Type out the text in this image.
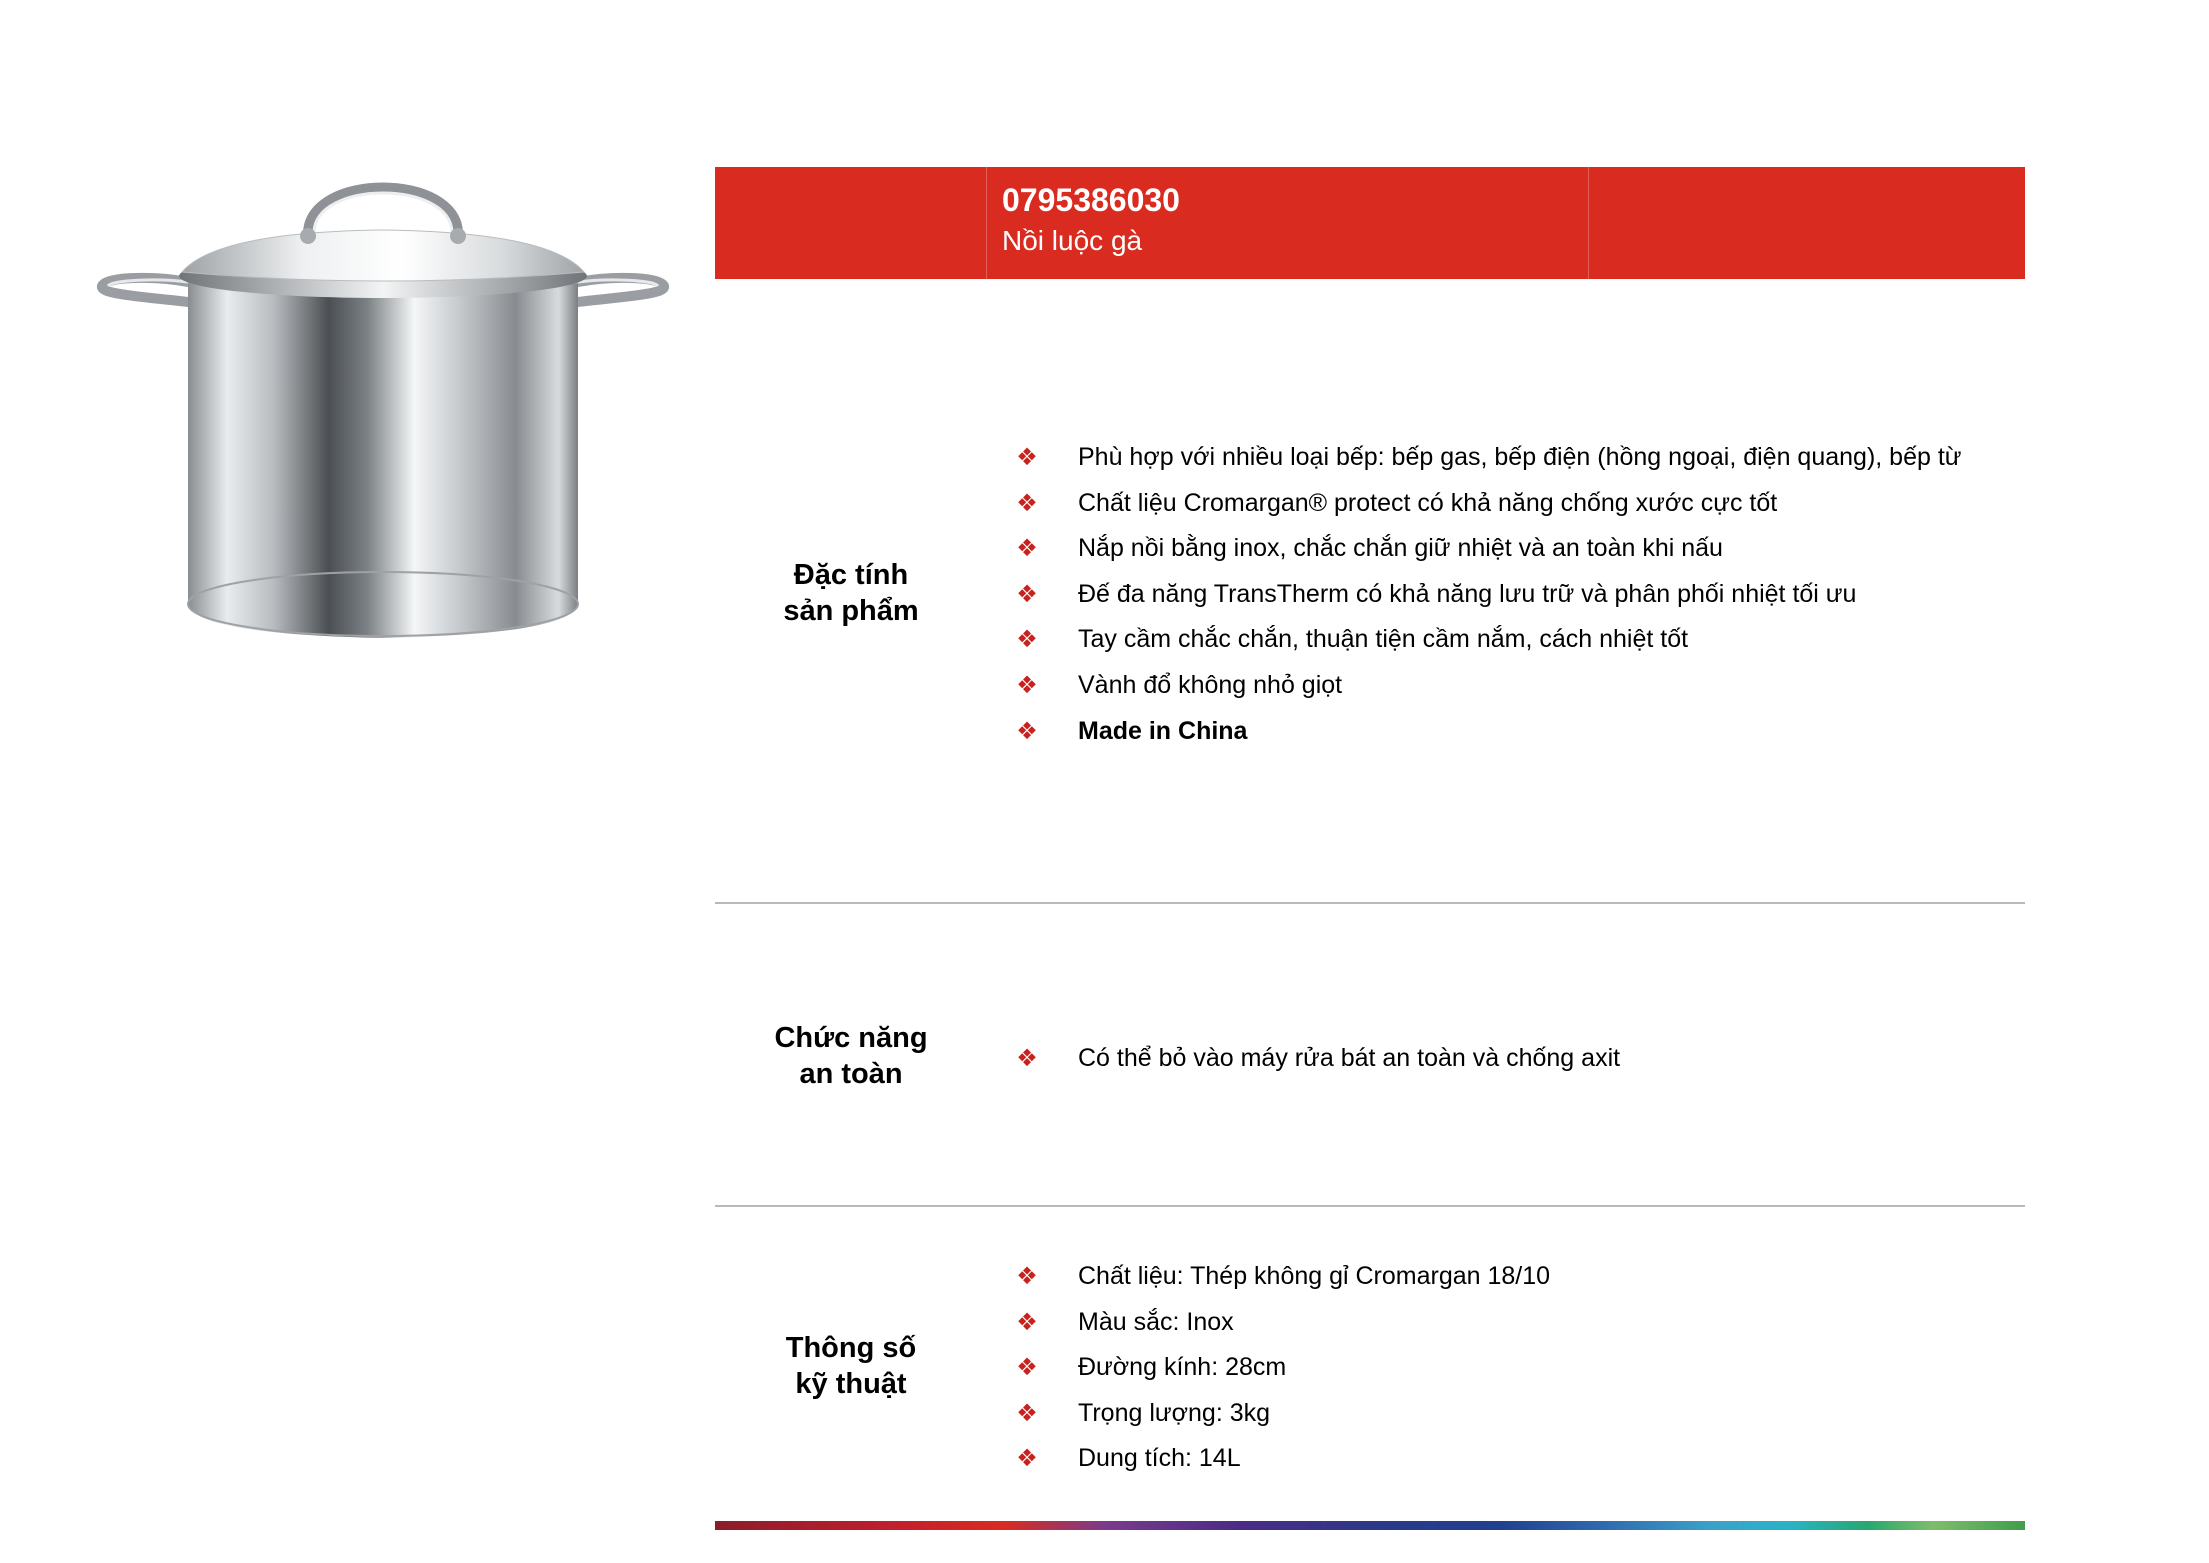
0795386030
Nồi luộc gà
Đặc tính
sản phẩm
❖ Phù hợp với nhiều loại bếp: bếp gas, bếp điện (hồng ngoại, điện quang), bếp từ
❖ Chất liệu Cromargan® protect có khả năng chống xước cực tốt
❖ Nắp nồi bằng inox, chắc chắn giữ nhiệt và an toàn khi nấu
❖ Đế đa năng TransTherm có khả năng lưu trữ và phân phối nhiệt tối ưu
❖ Tay cầm chắc chắn, thuận tiện cầm nắm, cách nhiệt tốt
❖ Vành đổ không nhỏ giọt
❖ Made in China
Chức năng
an toàn	❖ Có thể bỏ vào máy rửa bát an toàn và chống axit
Thông số
kỹ thuật
❖ Chất liệu: Thép không gỉ Cromargan 18/10
❖ Màu sắc: Inox
❖ Đường kính: 28cm
❖ Trọng lượng: 3kg
❖ Dung tích: 14L
